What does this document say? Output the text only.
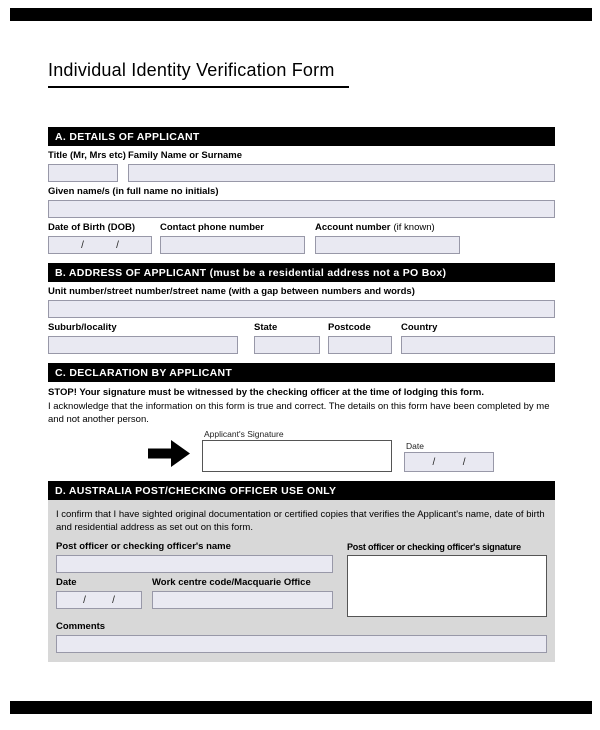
Individual Identity Verification Form
A. DETAILS OF APPLICANT
Title (Mr, Mrs etc) Family Name or Surname
Given name/s (in full name no initials)
Date of Birth (DOB)
/	/
Contact phone number	Account number (if known)
B. ADDRESS OF APPLICANT (must be a residential address not a PO Box)
Unit number/street number/street name (with a gap between numbers and words)
Suburb/locality	State	Postcode	Country
C. DECLARATION BY APPLICANT

STOP! Your signature must be witnessed by the checking officer at the time of lodging this form.

I acknowledge that the information on this form is true and correct. The details on this form have been completed by me and not another person.

Applicant's Signature
Date
/	/
D. AUSTRALIA POST/CHECKING OFFICER USE ONLY

I confirm that I have sighted original documentation or certified copies that verifies the Applicant's name, date of birth and residential address as set out on this form.

Post officer or checking officer's name
Date
/	/
Work centre code/Macquarie Office
Post officer or checking officer's signature
Comments
